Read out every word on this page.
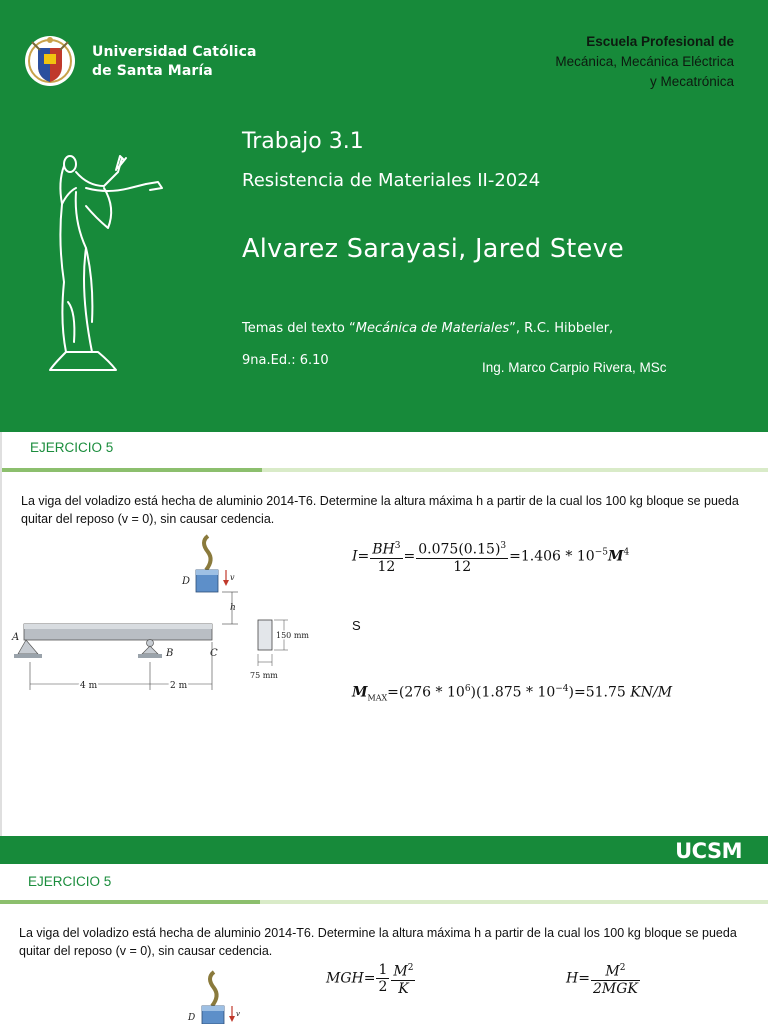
Universidad Católica
de Santa María
Escuela Profesional de
Mecánica, Mecánica Eléctrica
y Mecatrónica
Trabajo 3.1
Resistencia de Materiales II-2024
Alvarez Sarayasi, Jared Steve
Temas del texto “Mecánica de Materiales”, R.C. Hibbeler,
9na.Ed.: 6.10	Ing. Marco Carpio Rivera, MSc
EJERCICIO 5
La viga del voladizo está hecha de aluminio 2014-T6. Determine la altura máxima h a partir de la cual los 100 kg bloque se pueda quitar del reposo (v = 0), sin causar cedencia.
A
B	C
D	v
h
4 m	2 m
150 mm
75 mm
$I= \frac{BH^3}{12} = \frac{0.075(0.15)^3}{12} =1.406 * 10^{-5}M^4$
S
$M_{MAX}=(276 * 10^6)(1.875 * 10^{-4})=51.75$ KN/M
UCSM
EJERCICIO 5
La viga del voladizo está hecha de aluminio 2014-T6. Determine la altura máxima h a partir de la cual los 100 kg bloque se pueda quitar del reposo (v = 0), sin causar cedencia.
$MGH= \frac{1}{2} \frac{M^2}{K}$	$H= \frac{M^2}{\text{2MGK}}$
D	v
